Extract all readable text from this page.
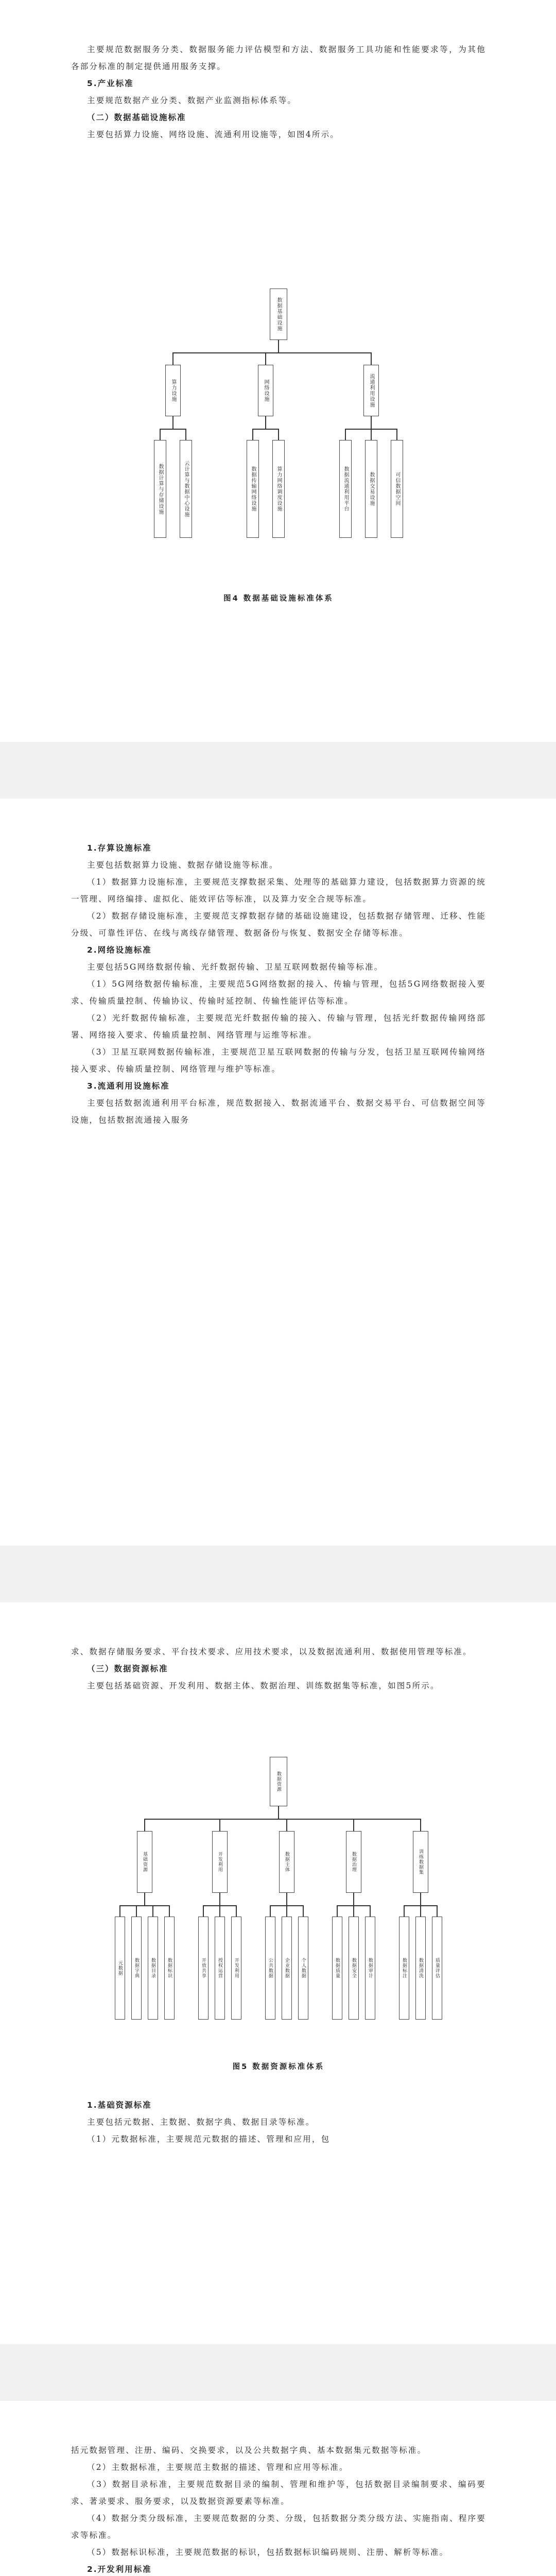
主要规范数据服务分类、数据服务能力评估模型和方法、数据服务工具功能和性能要求等，为其他各部分标准的制定提供通用服务支撑。

5.产业标准

主要规范数据产业分类、数据产业监测指标体系等。

（二）数据基础设施标准

主要包括算力设施、网络设施、流通利用设施等，如图4所示。

数据基础设施
数据计算与存储设施	云计算与数据中心设施
算力设施
数据传输网络设施	算力网络调度设施
网络设施
数据流通利用平台	数据交易设施	可信数据空间
流通利用设施
图4 数据基础设施标准体系
1.存算设施标准

主要包括数据算力设施、数据存储设施等标准。

（1）数据算力设施标准，主要规范支撑数据采集、处理等的基础算力建设，包括数据算力资源的统一管理、网络编排、虚拟化、能效评估等标准，以及算力安全合规等标准。

（2）数据存储设施标准，主要规范支撑数据存储的基础设施建设，包括数据存储管理、迁移、性能分级、可靠性评估、在线与离线存储管理、数据备份与恢复、数据安全存储等标准。

2.网络设施标准

主要包括5G网络数据传输、光纤数据传输、卫星互联网数据传输等标准。

（1）5G网络数据传输标准，主要规范5G网络数据的接入、传输与管理，包括5G网络数据接入要求、传输质量控制、传输协议、传输时延控制、传输性能评估等标准。

（2）光纤数据传输标准，主要规范光纤数据传输的接入、传输与管理，包括光纤数据传输网络部署、网络接入要求、传输质量控制、网络管理与运维等标准。

（3）卫星互联网数据传输标准，主要规范卫星互联网数据的传输与分发，包括卫星互联网传输网络接入要求、传输质量控制、网络管理与维护等标准。

3.流通利用设施标准

主要包括数据流通利用平台标准，规范数据接入、数据流通平台、数据交易平台、可信数据空间等设施，包括数据流通接入服务

求、数据存储服务要求、平台技术要求、应用技术要求，以及数据流通利用、数据使用管理等标准。

（三）数据资源标准

主要包括基础资源、开发利用、数据主体、数据治理、训练数据集等标准，如图5所示。

数据资源
元数据	数据字典	数据目录	数据标识
基础资源
开放共享	授权运营	开发利用
开发利用
公共数据	企业数据	个人数据
数据主体
数据质量	数据安全	数据审计
数据治理
数据标注	数据清洗	质量评估
训练数据集
图5 数据资源标准体系
1.基础资源标准

主要包括元数据、主数据、数据字典、数据目录等标准。

（1）元数据标准，主要规范元数据的描述、管理和应用，包

括元数据管理、注册、编码、交换要求，以及公共数据字典、基本数据集元数据等标准。

（2）主数据标准，主要规范主数据的描述、管理和应用等标准。

（3）数据目录标准，主要规范数据目录的编制、管理和维护等，包括数据目录编制要求、编码要求、著录要求、服务要求，以及数据资源要素等标准。

（4）数据分类分级标准，主要规范数据的分类、分级，包括数据分类分级方法、实施指南、程序要求等标准。

（5）数据标识标准，主要规范数据的标识，包括数据标识编码规则、注册、解析等标准。

2.开发利用标准
